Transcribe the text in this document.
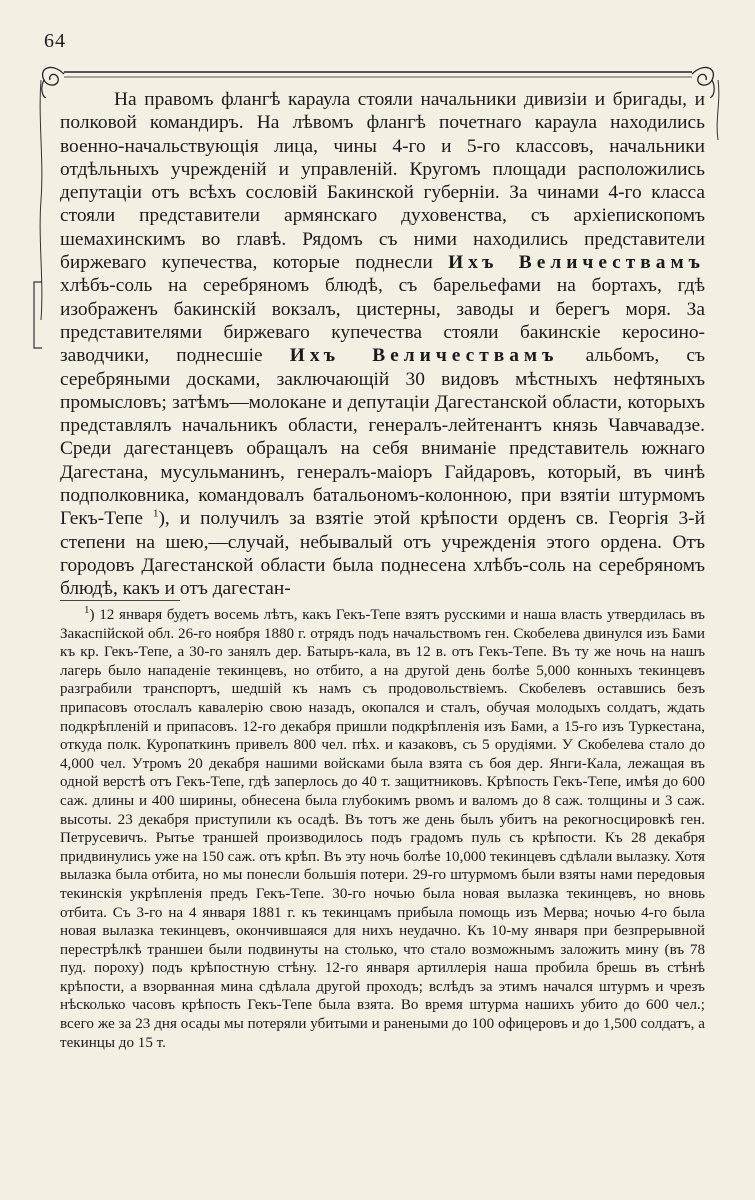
64

На правомъ флангѣ караула стояли начальники дивизіи и бригады, и полковой командиръ. На лѣвомъ флангѣ почетнаго караула находились военно-начальствующія лица, чины 4-го и 5-го классовъ, начальники отдѣльныхъ учрежденій и управленій. Кругомъ площади расположились депутаціи отъ всѣхъ сословій Бакинской губерніи. За чинами 4-го класса стояли представители армянскаго духовенства, съ архіепископомъ шемахинскимъ во главѣ. Рядомъ съ ними находились представители биржеваго купечества, которые поднесли Ихъ Величествамъ хлѣбъ-соль на серебряномъ блюдѣ, съ барельефами на бортахъ, гдѣ изображенъ бакинскій вокзалъ, цистерны, заводы и берегъ моря. За представителями биржеваго купечества стояли бакинскіе керосино-заводчики, поднесшіе Ихъ Величествамъ альбомъ, съ серебряными досками, заключающій 30 видовъ мѣстныхъ нефтяныхъ промысловъ; затѣмъ—молокане и депутаціи Дагестанской области, которыхъ представлялъ начальникъ области, генералъ-лейтенантъ князь Чавчавадзе. Среди дагестанцевъ обращалъ на себя вниманіе представитель южнаго Дагестана, мусульманинъ, генералъ-маіоръ Гайдаровъ, который, въ чинѣ подполковника, командовалъ батальономъ-колонною, при взятіи штурмомъ Гекъ-Тепе $^1$), и получилъ за взятіе этой крѣпости орденъ св. Георгія 3-й степени на шею,—случай, небывалый отъ учрежденія этого ордена. Отъ городовъ Дагестанской области была поднесена хлѣбъ-соль на серебряномъ блюдѣ, какъ и отъ дагестан-

$^1$) 12 января будетъ восемь лѣтъ, какъ Гекъ-Тепе взятъ русскими и наша власть утвердилась въ Закаспійской обл. 26-го ноября 1880 г. отрядъ подъ начальствомъ ген. Скобелева двинулся изъ Бами къ кр. Гекъ-Тепе, а 30-го занялъ дер. Батыръ-кала, въ 12 в. отъ Гекъ-Тепе. Въ ту же ночь на нашъ лагерь было нападеніе текинцевъ, но отбито, а на другой день болѣе 5,000 конныхъ текинцевъ разграбили транспортъ, шедшій къ намъ съ продовольствіемъ. Скобелевъ оставшись безъ припасовъ отослалъ кавалерію свою назадъ, окопался и сталъ, обучая молодыхъ солдатъ, ждать подкрѣпленій и припасовъ. 12-го декабря пришли подкрѣпленія изъ Бами, а 15-го изъ Туркестана, откуда полк. Куропаткинъ привелъ 800 чел. пѣх. и казаковъ, съ 5 орудіями. У Скобелева стало до 4,000 чел. Утромъ 20 декабря нашими войсками была взята съ боя дер. Янги-Кала, лежащая въ одной верстѣ отъ Гекъ-Тепе, гдѣ заперлось до 40 т. защитниковъ. Крѣпость Гекъ-Тепе, имѣя до 600 саж. длины и 400 ширины, обнесена была глубокимъ рвомъ и валомъ до 8 саж. толщины и 3 саж. высоты. 23 декабря приступили къ осадѣ. Въ тотъ же день былъ убитъ на рекогносцировкѣ ген. Петрусевичъ. Рытье траншей производилось подъ градомъ пуль съ крѣпости. Къ 28 декабря придвинулись уже на 150 саж. отъ крѣп. Въ эту ночь болѣе 10,000 текинцевъ сдѣлали вылазку. Хотя вылазка была отбита, но мы понесли большія потери. 29-го штурмомъ были взяты нами передовыя текинскія укрѣпленія предъ Гекъ-Тепе. 30-го ночью была новая вылазка текинцевъ, но вновь отбита. Съ 3-го на 4 января 1881 г. къ текинцамъ прибыла помощь изъ Мерва; ночью 4-го была новая вылазка текинцевъ, окончившаяся для нихъ неудачно. Къ 10-му января при безпрерывной перестрѣлкѣ траншеи были подвинуты на столько, что стало возможнымъ заложить мину (въ 78 пуд. пороху) подъ крѣпостную стѣну. 12-го января артиллерія наша пробила брешь въ стѣнѣ крѣпости, а взорванная мина сдѣлала другой проходъ; вслѣдъ за этимъ начался штурмъ и чрезъ нѣсколько часовъ крѣпость Гекъ-Тепе была взята. Во время штурма нашихъ убито до 600 чел.; всего же за 23 дня осады мы потеряли убитыми и ранеными до 100 офицеровъ и до 1,500 солдатъ, а текинцы до 15 т.
